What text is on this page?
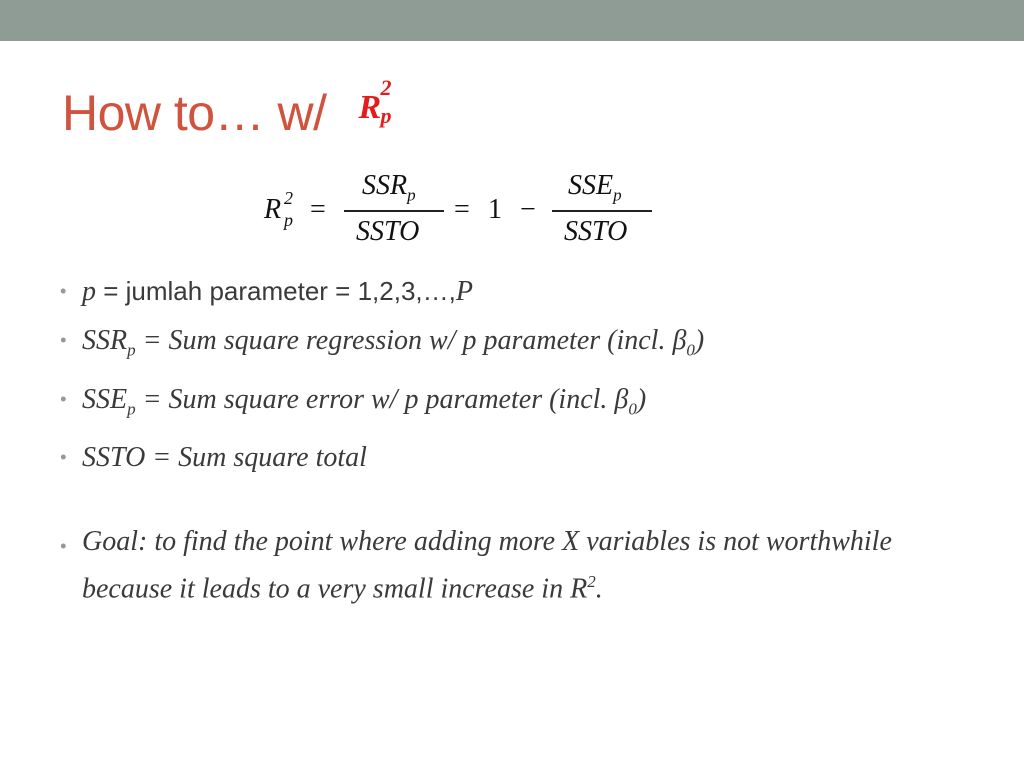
How to… w/ R
2
p
R 2
p =
$SSR_p$
SSTO
= 1 −
$SSE_p$
SSTO
• p = jumlah parameter = 1,2,3,…,P
• $SSR_p$ = Sum square regression w/ p parameter (incl. $\beta_0$)
• $SSE_p$ = Sum square error w/ p parameter (incl. $\beta_0$)
• SSTO = Sum square total
• Goal: to find the point where adding more X variables is not worthwhile because it leads to a very small increase in $R^2$.
